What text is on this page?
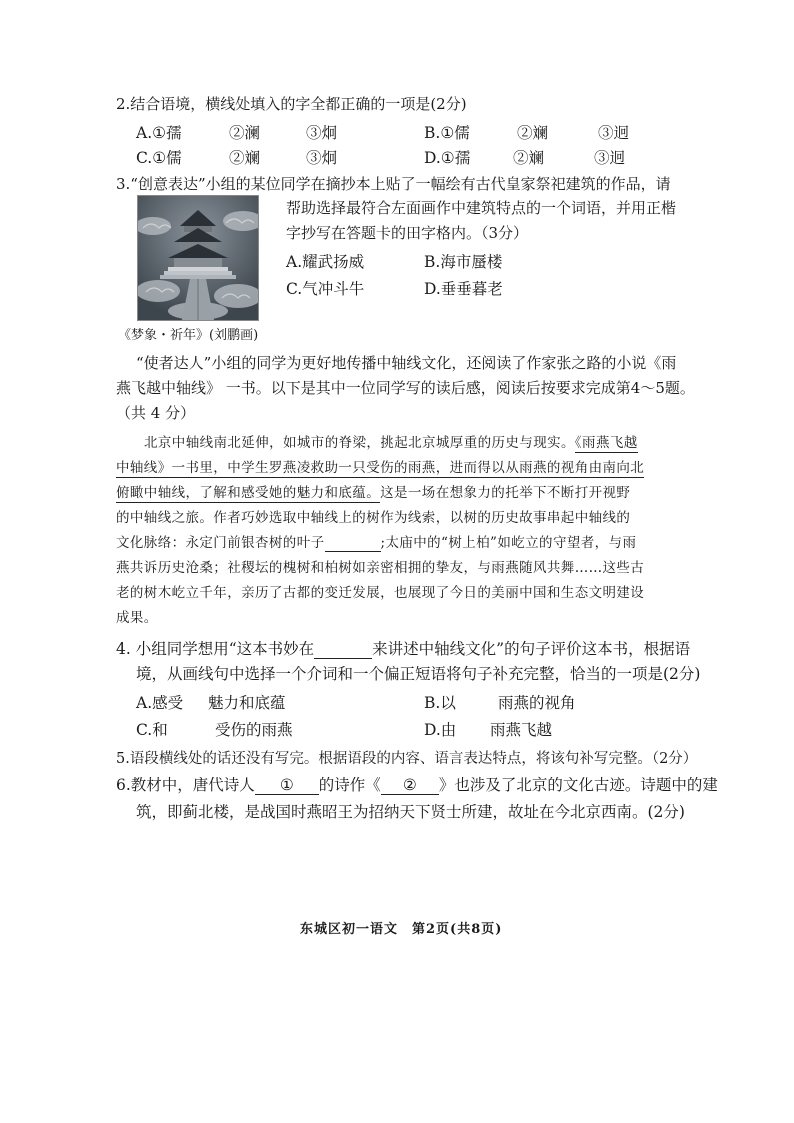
2.结合语境，横线处填入的字全都正确的一项是(2分)
A.①孺	②澜	③炯	B.①儒	②斓	③迥
C.①儒	②斓	③炯	D.①孺	②斓	③迥
3.“创意表达”小组的某位同学在摘抄本上贴了一幅绘有古代皇家祭祀建筑的作品，请
帮助选择最符合左面画作中建筑特点的一个词语，并用正楷
字抄写在答题卡的田字格内。（3分）
A.耀武扬威	B.海市蜃楼
C.气冲斗牛	D.垂垂暮老
《梦象・祈年》(刘鹏画)
“使者达人”小组的同学为更好地传播中轴线文化，还阅读了作家张之路的小说《雨
燕飞越中轴线》 一书。以下是其中一位同学写的读后感，阅读后按要求完成第4～5题。
（共 4 分）
北京中轴线南北延伸，如城市的脊梁，挑起北京城厚重的历史与现实。《雨燕飞越
中轴线》一书里，中学生罗燕凌救助一只受伤的雨燕，进而得以从雨燕的视角由南向北
俯瞰中轴线，了解和感受她的魅力和底蕴。这是一场在想象力的托举下不断打开视野
的中轴线之旅。作者巧妙选取中轴线上的树作为线索，以树的历史故事串起中轴线的
文化脉络：永定门前银杏树的叶子	;太庙中的“树上柏”如屹立的守望者，与雨
燕共诉历史沧桑；社稷坛的槐树和柏树如亲密相拥的挚友，与雨燕随风共舞……这些古
老的树木屹立千年，亲历了古都的变迁发展，也展现了今日的美丽中国和生态文明建设
成果。
4. 小组同学想用“这本书妙在	来讲述中轴线文化”的句子评价这本书，根据语
境，从画线句中选择一个介词和一个偏正短语将句子补充完整，恰当的一项是(2分)
A.感受 魅力和底蕴	B.以	雨燕的视角
C.和	受伤的雨燕	D.由 雨燕飞越
5.语段横线处的话还没有写完。根据语段的内容、语言表达特点，将该句补写完整。（2分）
6.教材中，唐代诗人 ① 的诗作《 ② 》也涉及了北京的文化古迹。诗题中的建
筑，即蓟北楼，是战国时燕昭王为招纳天下贤士所建，故址在今北京西南。(2分)
东城区初一语文　第2页(共8页)
